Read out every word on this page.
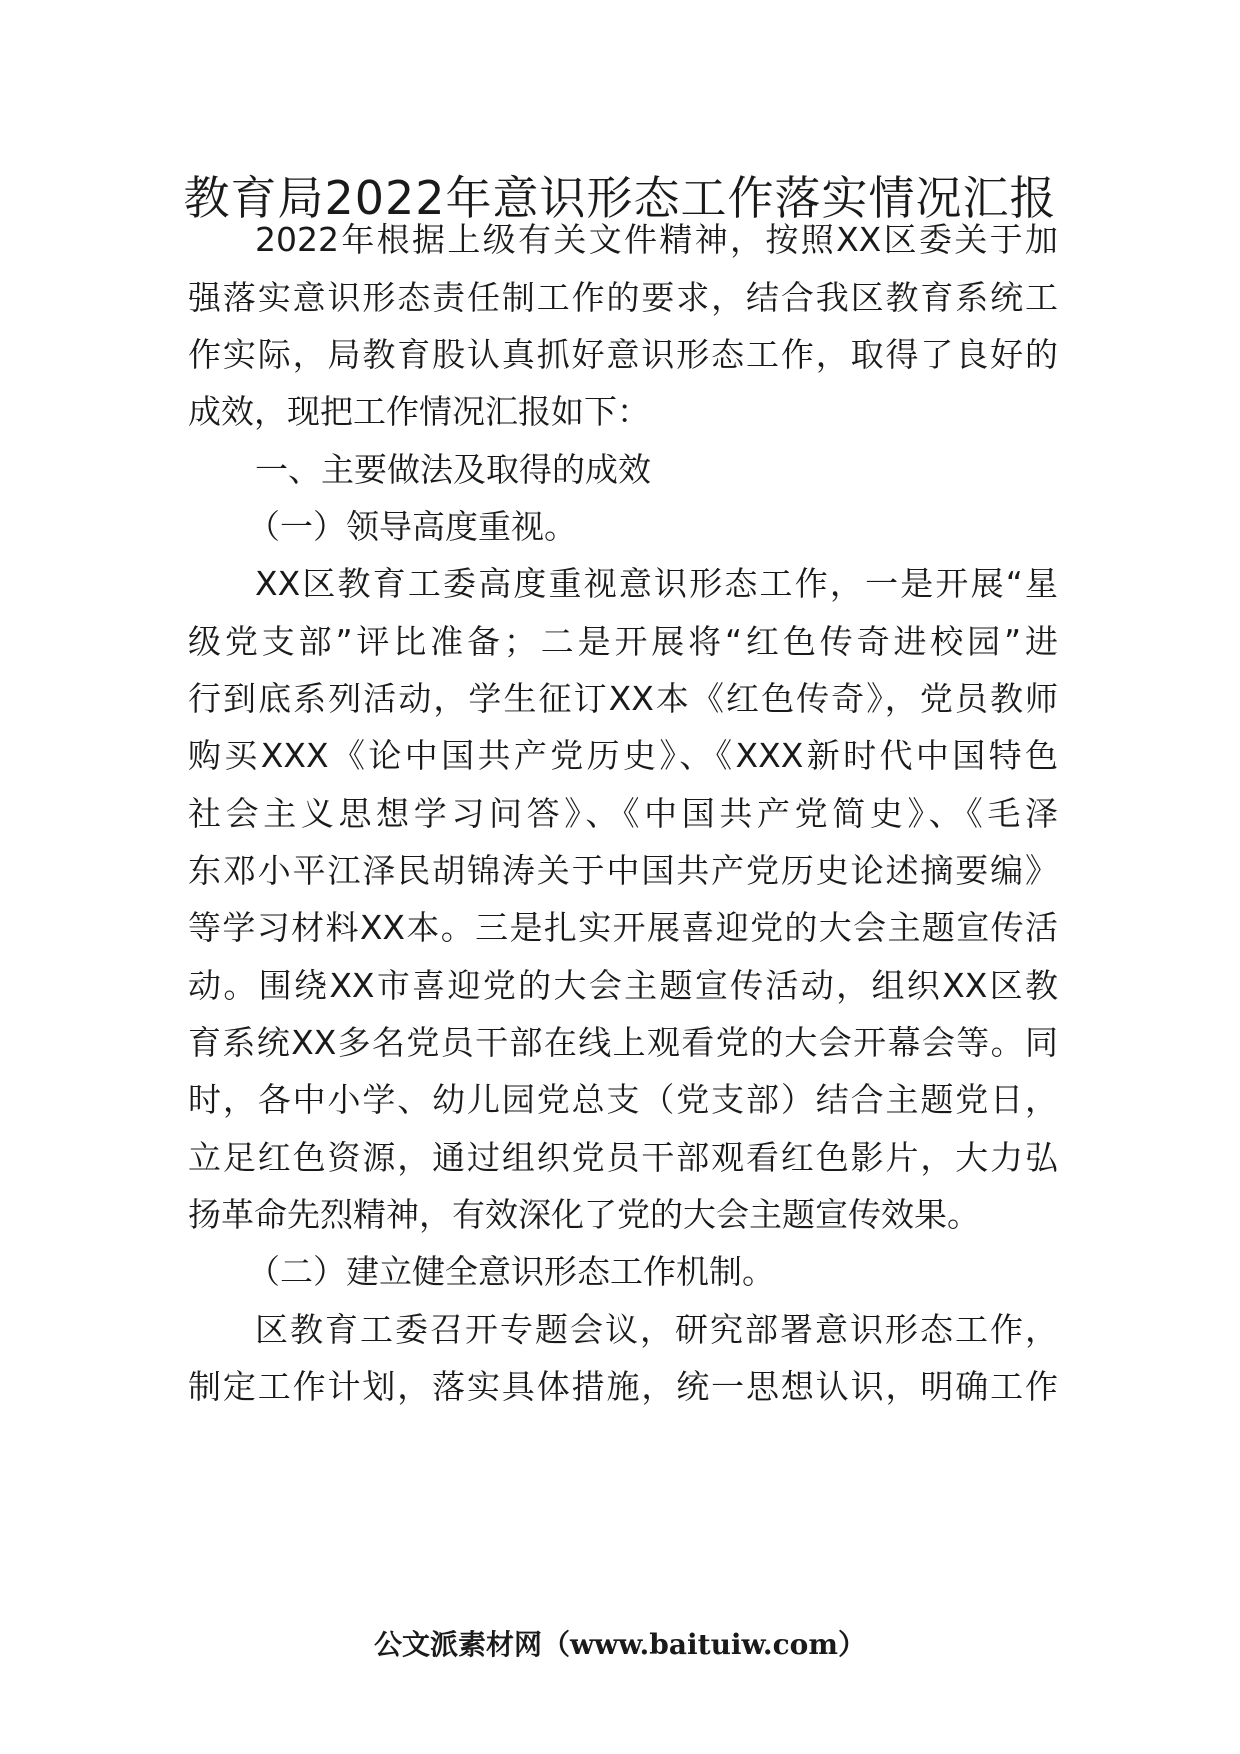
教育局2022年意识形态工作落实情况汇报

2022年根据上级有关文件精神，按照XX区委关于加

强落实意识形态责任制工作的要求，结合我区教育系统工

作实际，局教育股认真抓好意识形态工作，取得了良好的

成效，现把工作情况汇报如下：

一、主要做法及取得的成效

（一）领导高度重视。

XX区教育工委高度重视意识形态工作，一是开展“星

级党支部”评比准备；二是开展将“红色传奇进校园”进

行到底系列活动，学生征订XX本《红色传奇》，党员教师

购买XXX《论中国共产党历史》、《XXX新时代中国特色

社会主义思想学习问答》、《中国共产党简史》、《毛泽

东邓小平江泽民胡锦涛关于中国共产党历史论述摘要编》

等学习材料XX本。三是扎实开展喜迎党的大会主题宣传活

动。围绕XX市喜迎党的大会主题宣传活动，组织XX区教

育系统XX多名党员干部在线上观看党的大会开幕会等。同

时，各中小学、幼儿园党总支（党支部）结合主题党日，

立足红色资源，通过组织党员干部观看红色影片，大力弘

扬革命先烈精神，有效深化了党的大会主题宣传效果。

（二）建立健全意识形态工作机制。

区教育工委召开专题会议，研究部署意识形态工作，

制定工作计划，落实具体措施，统一思想认识，明确工作

公文派素材网（www.baituiw.com）
